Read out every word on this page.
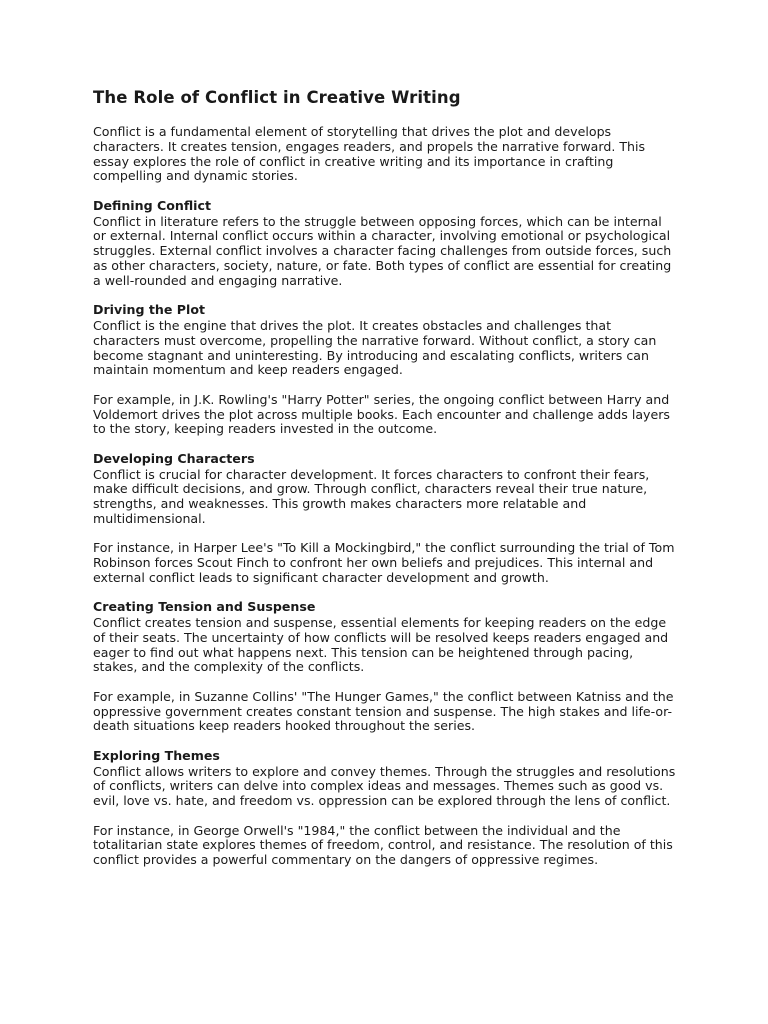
The Role of Conflict in Creative Writing

Conflict is a fundamental element of storytelling that drives the plot and develops characters. It creates tension, engages readers, and propels the narrative forward. This essay explores the role of conflict in creative writing and its importance in crafting compelling and dynamic stories.

Defining Conflict

Conflict in literature refers to the struggle between opposing forces, which can be internal or external. Internal conflict occurs within a character, involving emotional or psychological struggles. External conflict involves a character facing challenges from outside forces, such as other characters, society, nature, or fate. Both types of conflict are essential for creating a well-rounded and engaging narrative.

Driving the Plot

Conflict is the engine that drives the plot. It creates obstacles and challenges that characters must overcome, propelling the narrative forward. Without conflict, a story can become stagnant and uninteresting. By introducing and escalating conflicts, writers can maintain momentum and keep readers engaged.

For example, in J.K. Rowling's "Harry Potter" series, the ongoing conflict between Harry and Voldemort drives the plot across multiple books. Each encounter and challenge adds layers to the story, keeping readers invested in the outcome.

Developing Characters

Conflict is crucial for character development. It forces characters to confront their fears, make difficult decisions, and grow. Through conflict, characters reveal their true nature, strengths, and weaknesses. This growth makes characters more relatable and multidimensional.

For instance, in Harper Lee's "To Kill a Mockingbird," the conflict surrounding the trial of Tom Robinson forces Scout Finch to confront her own beliefs and prejudices. This internal and external conflict leads to significant character development and growth.

Creating Tension and Suspense

Conflict creates tension and suspense, essential elements for keeping readers on the edge of their seats. The uncertainty of how conflicts will be resolved keeps readers engaged and eager to find out what happens next. This tension can be heightened through pacing, stakes, and the complexity of the conflicts.

For example, in Suzanne Collins' "The Hunger Games," the conflict between Katniss and the oppressive government creates constant tension and suspense. The high stakes and life-or-death situations keep readers hooked throughout the series.

Exploring Themes

Conflict allows writers to explore and convey themes. Through the struggles and resolutions of conflicts, writers can delve into complex ideas and messages. Themes such as good vs. evil, love vs. hate, and freedom vs. oppression can be explored through the lens of conflict.

For instance, in George Orwell's "1984," the conflict between the individual and the totalitarian state explores themes of freedom, control, and resistance. The resolution of this conflict provides a powerful commentary on the dangers of oppressive regimes.
